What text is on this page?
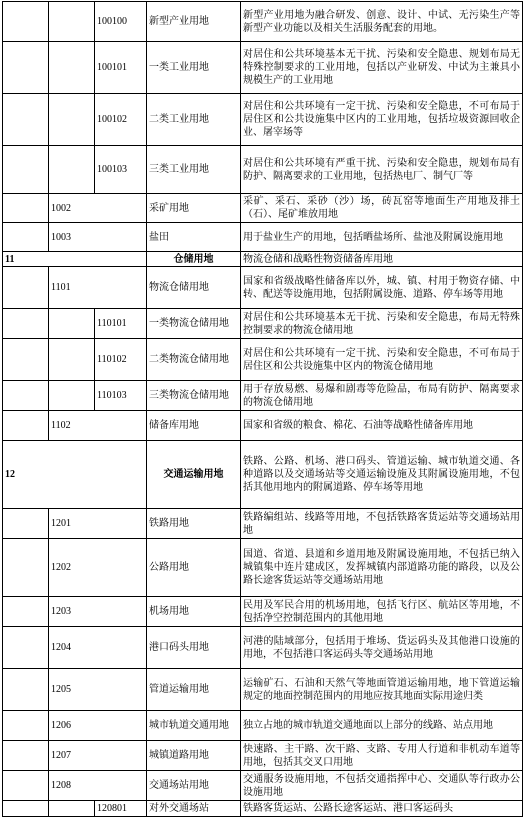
		100100	新型产业用地	新型产业用地为融合研发、创意、设计、中试、无污染生产等新型产业功能以及相关生活服务配套的用地。
		100101	一类工业用地	对居住和公共环境基本无干扰、污染和安全隐患、规划布局无特殊控制要求的工业用地，包括以产业研发、中试为主兼具小规模生产的工业用地
		100102	二类工业用地	对居住和公共环境有一定干扰、污染和安全隐患，不可布局于居住区和公共设施集中区内的工业用地，包括垃圾资源回收企业、屠宰场等
		100103	三类工业用地	对居住和公共环境有严重干扰、污染和安全隐患，规划布局有防护、隔离要求的工业用地，包括热电厂、制气厂等
	1002		采矿用地	采矿、采石、采砂（沙）场，砖瓦窑等地面生产用地及排土（石）、尾矿堆放用地
	1003		盐田	用于盐业生产的用地，包括晒盐场所、盐池及附属设施用地
11			仓储用地	物流仓储和战略性物资储备库用地
	1101		物流仓储用地	国家和省级战略性储备库以外，城、镇、村用于物资存储、中转、配送等设施用地，包括附属设施、道路、停车场等用地
		110101	一类物流仓储用地	对居住和公共环境基本无干扰、污染和安全隐患，布局无特殊控制要求的物流仓储用地
		110102	二类物流仓储用地	对居住和公共环境有一定干扰、污染和安全隐患，不可布局于居住区和公共设施集中区内的物流仓储用地
		110103	三类物流仓储用地	用于存放易燃、易爆和剧毒等危险品，布局有防护、隔离要求的物流仓储用地
	1102		储备库用地	国家和省级的粮食、棉花、石油等战略性储备库用地
12			交通运输用地	铁路、公路、机场、港口码头、管道运输、城市轨道交通、各种道路以及交通场站等交通运输设施及其附属设施用地，不包括其他用地内的附属道路、停车场等用地
	1201		铁路用地	铁路编组站、线路等用地，不包括铁路客货运站等交通场站用地
	1202		公路用地	国道、省道、县道和乡道用地及附属设施用地，不包括已纳入城镇集中连片建成区，发挥城镇内部道路功能的路段，以及公路长途客货运站等交通场站用地
	1203		机场用地	民用及军民合用的机场用地，包括飞行区、航站区等用地，不包括净空控制范围内的其他用地
	1204		港口码头用地	河港的陆域部分，包括用于堆场、货运码头及其他港口设施的用地，不包括港口客运码头等交通场站用地
	1205		管道运输用地	运输矿石、石油和天然气等地面管道运输用地，地下管道运输规定的地面控制范围内的用地应按其地面实际用途归类
	1206		城市轨道交通用地	独立占地的城市轨道交通地面以上部分的线路、站点用地
	1207		城镇道路用地	快速路、主干路、次干路、支路、专用人行道和非机动车道等用地，包括其交叉口用地
	1208		交通场站用地	交通服务设施用地，不包括交通指挥中心、交通队等行政办公设施用地
		120801	对外交通场站	铁路客货运站、公路长途客运站、港口客运码头
